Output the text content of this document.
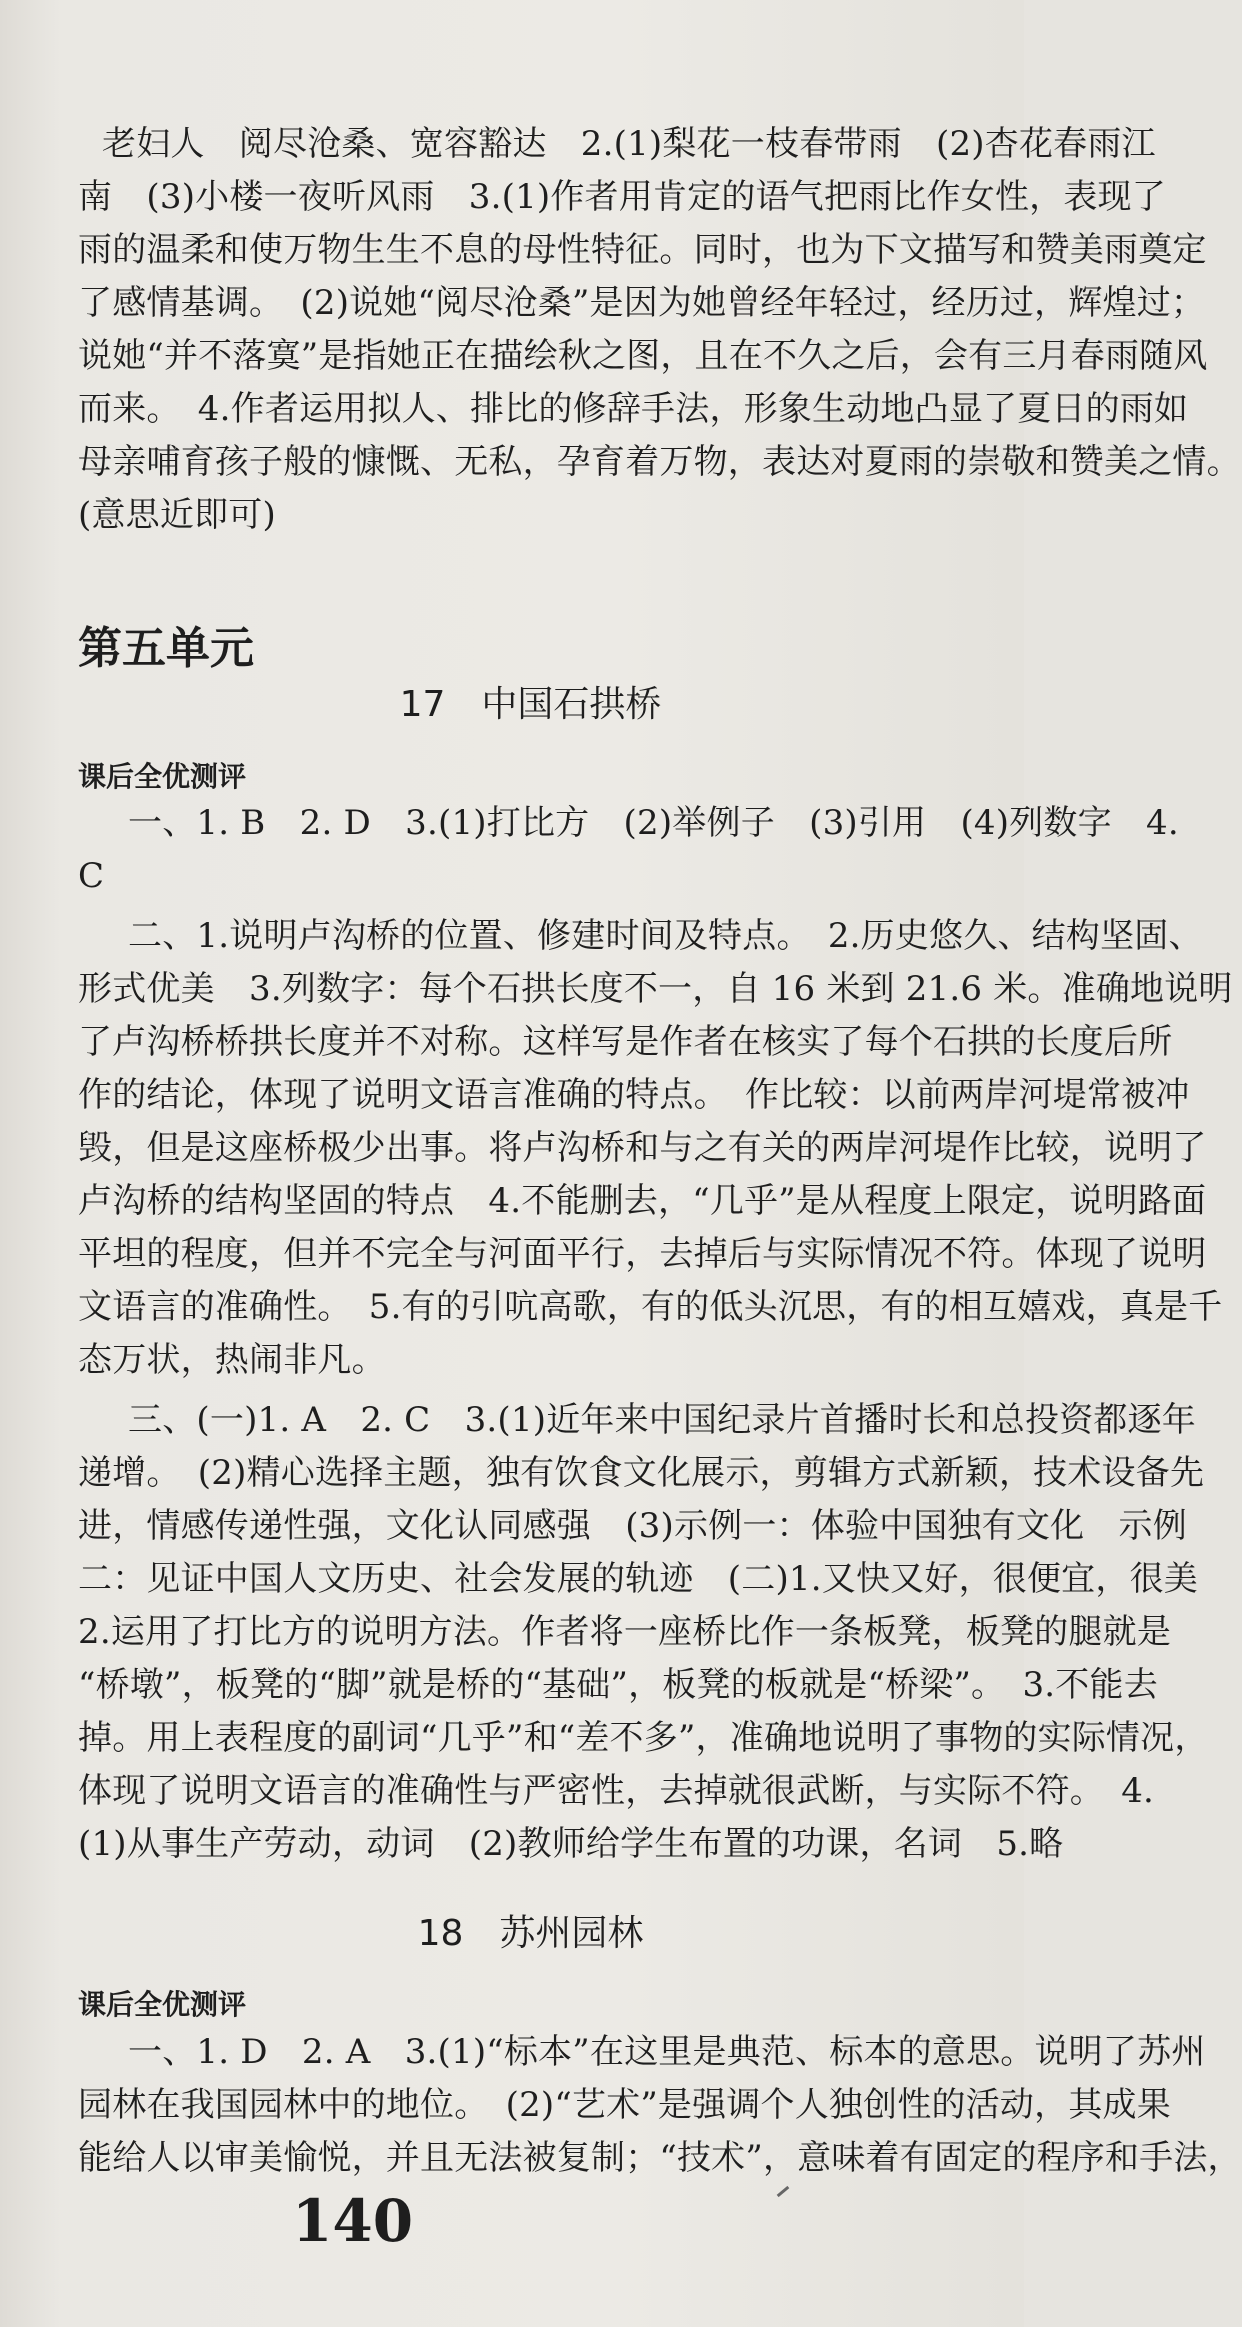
老妇人　阅尽沧桑、宽容豁达　2.(1)梨花一枝春带雨　(2)杏花春雨江
南　(3)小楼一夜听风雨　3.(1)作者用肯定的语气把雨比作女性，表现了
雨的温柔和使万物生生不息的母性特征。同时，也为下文描写和赞美雨奠定
了感情基调。　(2)说她“阅尽沧桑”是因为她曾经年轻过，经历过，辉煌过；
说她“并不落寞”是指她正在描绘秋之图，且在不久之后，会有三月春雨随风
而来。　4.作者运用拟人、排比的修辞手法，形象生动地凸显了夏日的雨如
母亲哺育孩子般的慷慨、无私，孕育着万物，表达对夏雨的崇敬和赞美之情。
(意思近即可)
第五单元
17　中国石拱桥
课后全优测评
一、1. B　2. D　3.(1)打比方　(2)举例子　(3)引用　(4)列数字　4.
C
二、1.说明卢沟桥的位置、修建时间及特点。　2.历史悠久、结构坚固、
形式优美　3.列数字：每个石拱长度不一，自 16 米到 21.6 米。准确地说明
了卢沟桥桥拱长度并不对称。这样写是作者在核实了每个石拱的长度后所
作的结论，体现了说明文语言准确的特点。　作比较：以前两岸河堤常被冲
毁，但是这座桥极少出事。将卢沟桥和与之有关的两岸河堤作比较，说明了
卢沟桥的结构坚固的特点　4.不能删去，“几乎”是从程度上限定，说明路面
平坦的程度，但并不完全与河面平行，去掉后与实际情况不符。体现了说明
文语言的准确性。　5.有的引吭高歌，有的低头沉思，有的相互嬉戏，真是千
态万状，热闹非凡。
三、(一)1. A　2. C　3.(1)近年来中国纪录片首播时长和总投资都逐年
递增。　(2)精心选择主题，独有饮食文化展示，剪辑方式新颖，技术设备先
进，情感传递性强，文化认同感强　(3)示例一：体验中国独有文化　示例
二：见证中国人文历史、社会发展的轨迹　(二)1.又快又好，很便宜，很美
2.运用了打比方的说明方法。作者将一座桥比作一条板凳，板凳的腿就是
“桥墩”，板凳的“脚”就是桥的“基础”，板凳的板就是“桥梁”。　3.不能去
掉。用上表程度的副词“几乎”和“差不多”，准确地说明了事物的实际情况，
体现了说明文语言的准确性与严密性，去掉就很武断，与实际不符。　4.
(1)从事生产劳动，动词　(2)教师给学生布置的功课，名词　5.略
18　苏州园林
课后全优测评
一、1. D　2. A　3.(1)“标本”在这里是典范、标本的意思。说明了苏州
园林在我国园林中的地位。　(2)“艺术”是强调个人独创性的活动，其成果
能给人以审美愉悦，并且无法被复制；“技术”，意味着有固定的程序和手法，
140
